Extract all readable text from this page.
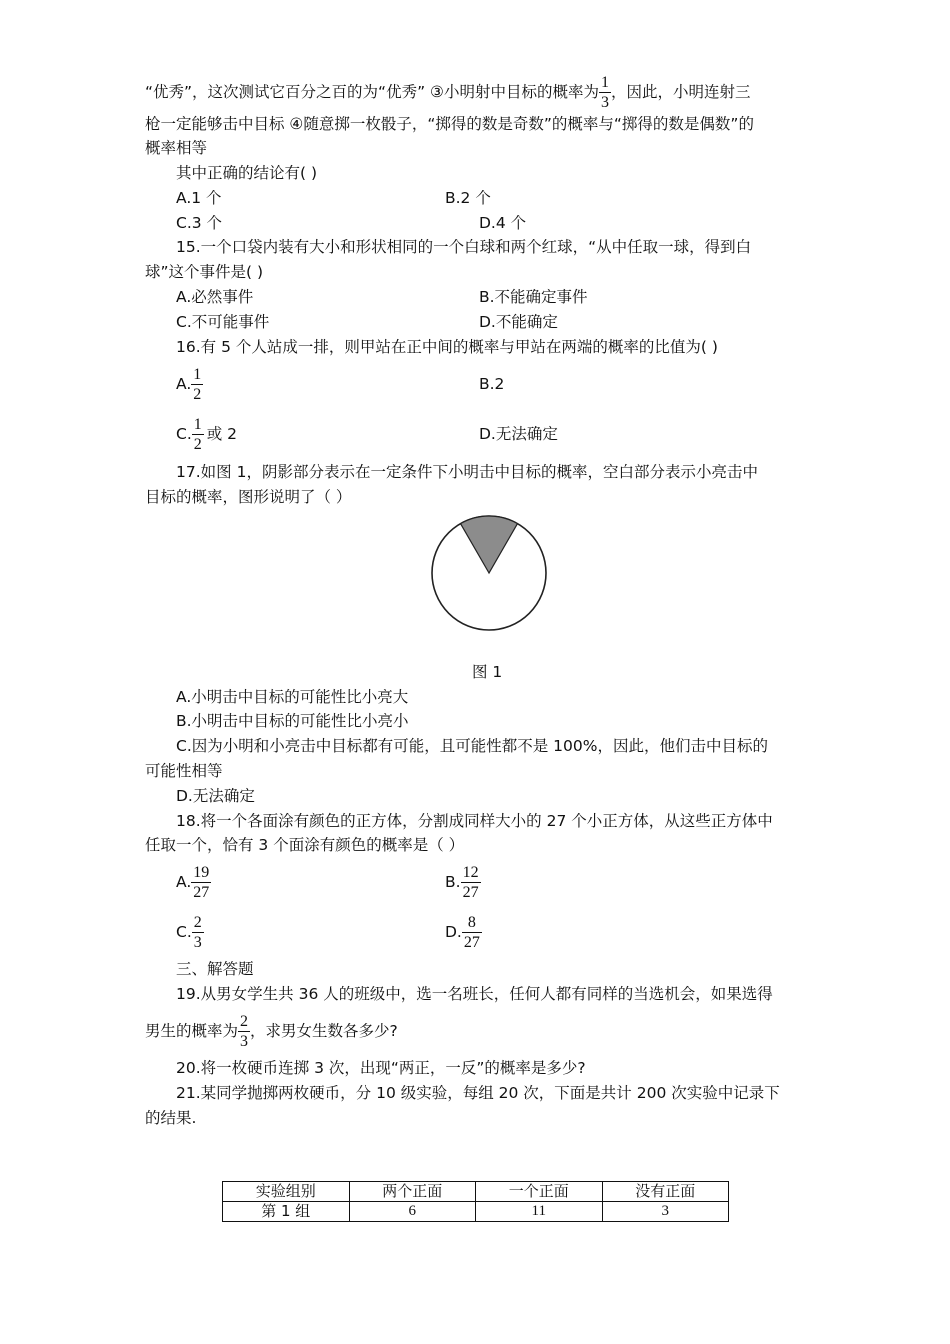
“优秀”，这次测试它百分之百的为“优秀” ③小明射中目标的概率为 $\frac{1}{3}$ ，因此，小明连射三
枪一定能够击中目标 ④随意掷一枚骰子，“掷得的数是奇数”的概率与“掷得的数是偶数”的
概率相等
其中正确的结论有( )
A.1 个	B.2 个
C.3 个	D.4 个
15.一个口袋内装有大小和形状相同的一个白球和两个红球，“从中任取一球，得到白
球”这个事件是( )
A.必然事件	B.不能确定事件
C.不可能事件	D.不能确定
16.有 5 个人站成一排，则甲站在正中间的概率与甲站在两端的概率的比值为( )
A. $\frac{1}{2}$	B.2
C. $\frac{1}{2}$ 或 2	D.无法确定
17.如图 1，阴影部分表示在一定条件下小明击中目标的概率，空白部分表示小亮击中
目标的概率，图形说明了（ ）
图 1
A.小明击中目标的可能性比小亮大
B.小明击中目标的可能性比小亮小
C.因为小明和小亮击中目标都有可能，且可能性都不是 100%，因此，他们击中目标的
可能性相等
D.无法确定
18.将一个各面涂有颜色的正方体，分割成同样大小的 27 个小正方体，从这些正方体中
任取一个，恰有 3 个面涂有颜色的概率是（ ）
A. $\frac{19}{27}$	B. $\frac{12}{27}$
C. $\frac{2}{3}$	D. $\frac{8}{27}$
三、解答题
19.从男女学生共 36 人的班级中，选一名班长，任何人都有同样的当选机会，如果选得
男生的概率为 $\frac{2}{3}$ ，求男女生数各多少?
20.将一枚硬币连掷 3 次，出现“两正，一反”的概率是多少?
21.某同学抛掷两枚硬币，分 10 级实验，每组 20 次，下面是共计 200 次实验中记录下
的结果.
实验组别	两个正面	一个正面	没有正面
第 1 组	6	11	3
